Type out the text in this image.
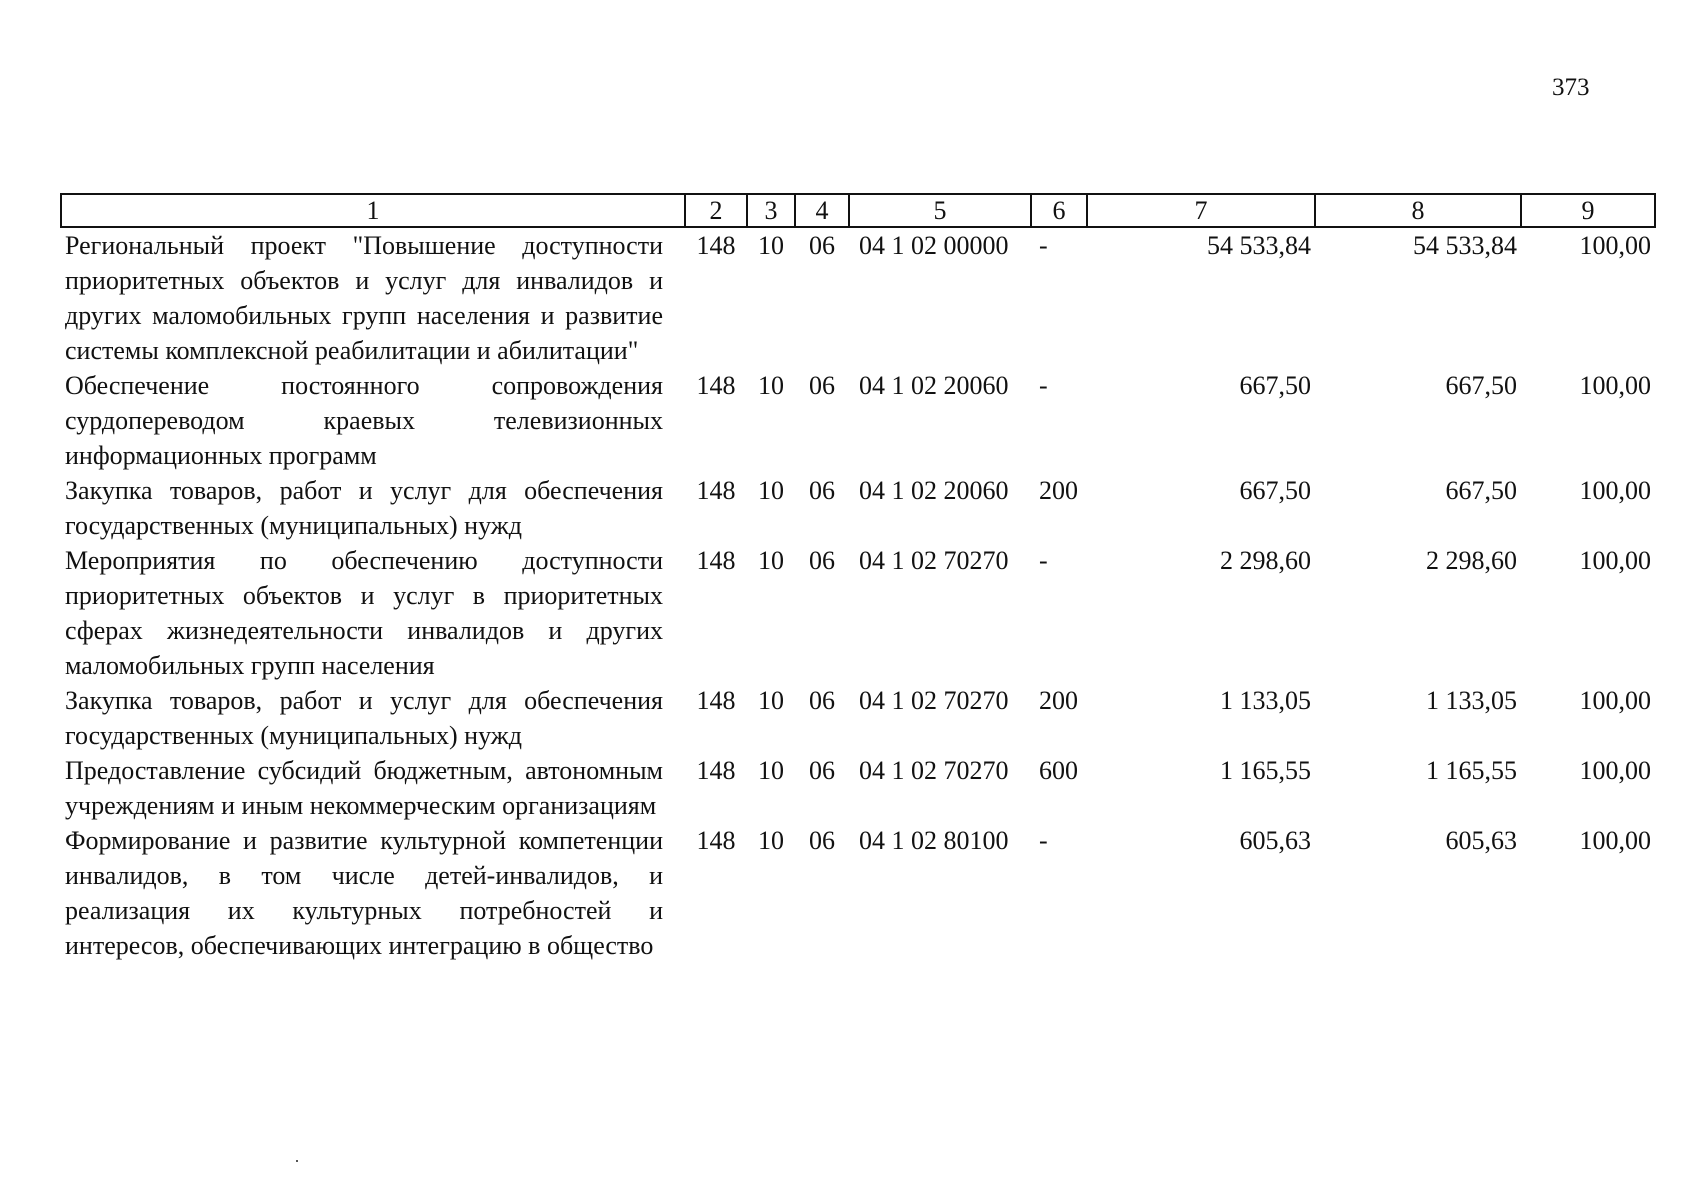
373
1	2	3	4	5	6	7	8	9
Региональный проект "Повышение доступности приоритетных объектов и услуг для инвалидов и других маломобильных групп населения и развитие системы комплексной реабилитации и абилитации"	148	10	06	04 1 02 00000	-	54 533,84	54 533,84	100,00
Обеспечение постоянного сопровождения сурдопереводом краевых телевизионных информационных программ	148	10	06	04 1 02 20060	-	667,50	667,50	100,00
Закупка товаров, работ и услуг для обеспечения государственных (муниципальных) нужд	148	10	06	04 1 02 20060	200	667,50	667,50	100,00
Мероприятия по обеспечению доступности приоритетных объектов и услуг в приоритетных сферах жизнедеятельности инвалидов и других маломобильных групп населения	148	10	06	04 1 02 70270	-	2 298,60	2 298,60	100,00
Закупка товаров, работ и услуг для обеспечения государственных (муниципальных) нужд	148	10	06	04 1 02 70270	200	1 133,05	1 133,05	100,00
Предоставление субсидий бюджетным, автономным учреждениям и иным некоммерческим организациям	148	10	06	04 1 02 70270	600	1 165,55	1 165,55	100,00
Формирование и развитие культурной компетенции инвалидов, в том числе детей-инвалидов, и реализация их культурных потребностей и интересов, обеспечивающих интеграцию в общество	148	10	06	04 1 02 80100	-	605,63	605,63	100,00
